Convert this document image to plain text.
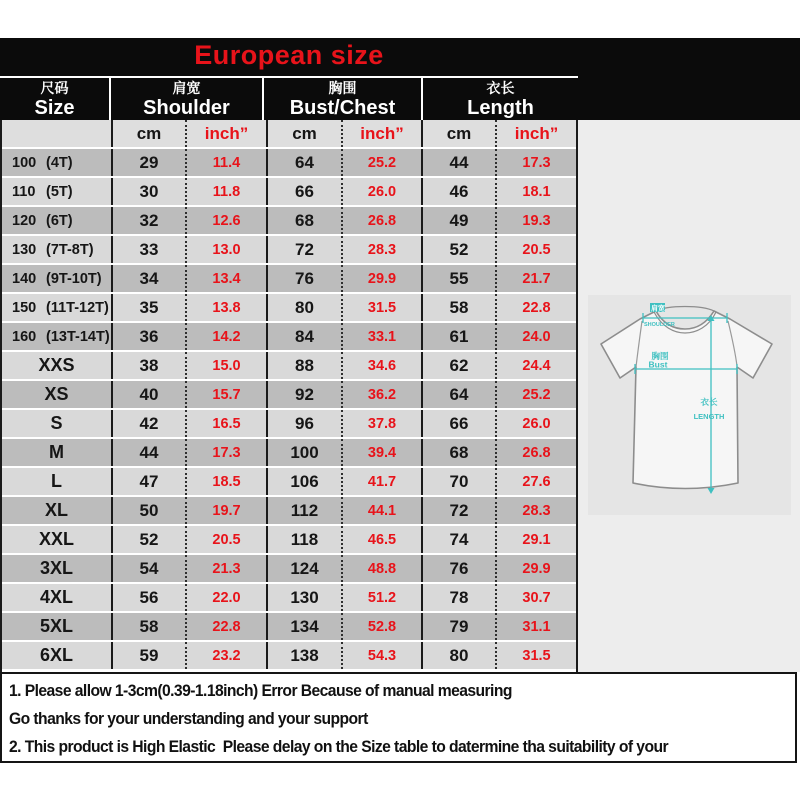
European size
尺码
Size
肩宽
Shoulder
胸围
Bust/Chest
衣长
Length
cm	inch”	cm	inch”	cm	inch”
100 (4T)	29	11.4	64	25.2	44	17.3
110 (5T)	30	11.8	66	26.0	46	18.1
120 (6T)	32	12.6	68	26.8	49	19.3
130 (7T-8T)	33	13.0	72	28.3	52	20.5
140 (9T-10T)	34	13.4	76	29.9	55	21.7
150 (11T-12T)	35	13.8	80	31.5	58	22.8
160 (13T-14T)	36	14.2	84	33.1	61	24.0
XXS	38	15.0	88	34.6	62	24.4
XS	40	15.7	92	36.2	64	25.2
S	42	16.5	96	37.8	66	26.0
M	44	17.3	100	39.4	68	26.8
L	47	18.5	106	41.7	70	27.6
XL	50	19.7	112	44.1	72	28.3
XXL	52	20.5	118	46.5	74	29.1
3XL	54	21.3	124	48.8	76	29.9
4XL	56	22.0	130	51.2	78	30.7
5XL	58	22.8	134	52.8	79	31.1
6XL	59	23.2	138	54.3	80	31.5
肩宽
SHOULDER
胸围
Bust
衣长
LENGTH
1. Please allow 1-3cm(0.39-1.18inch) Error Because of manual measuring
Go thanks for your understanding and your support
2. This product is High Elastic  Please delay on the Size table to datermine tha suitability of your
